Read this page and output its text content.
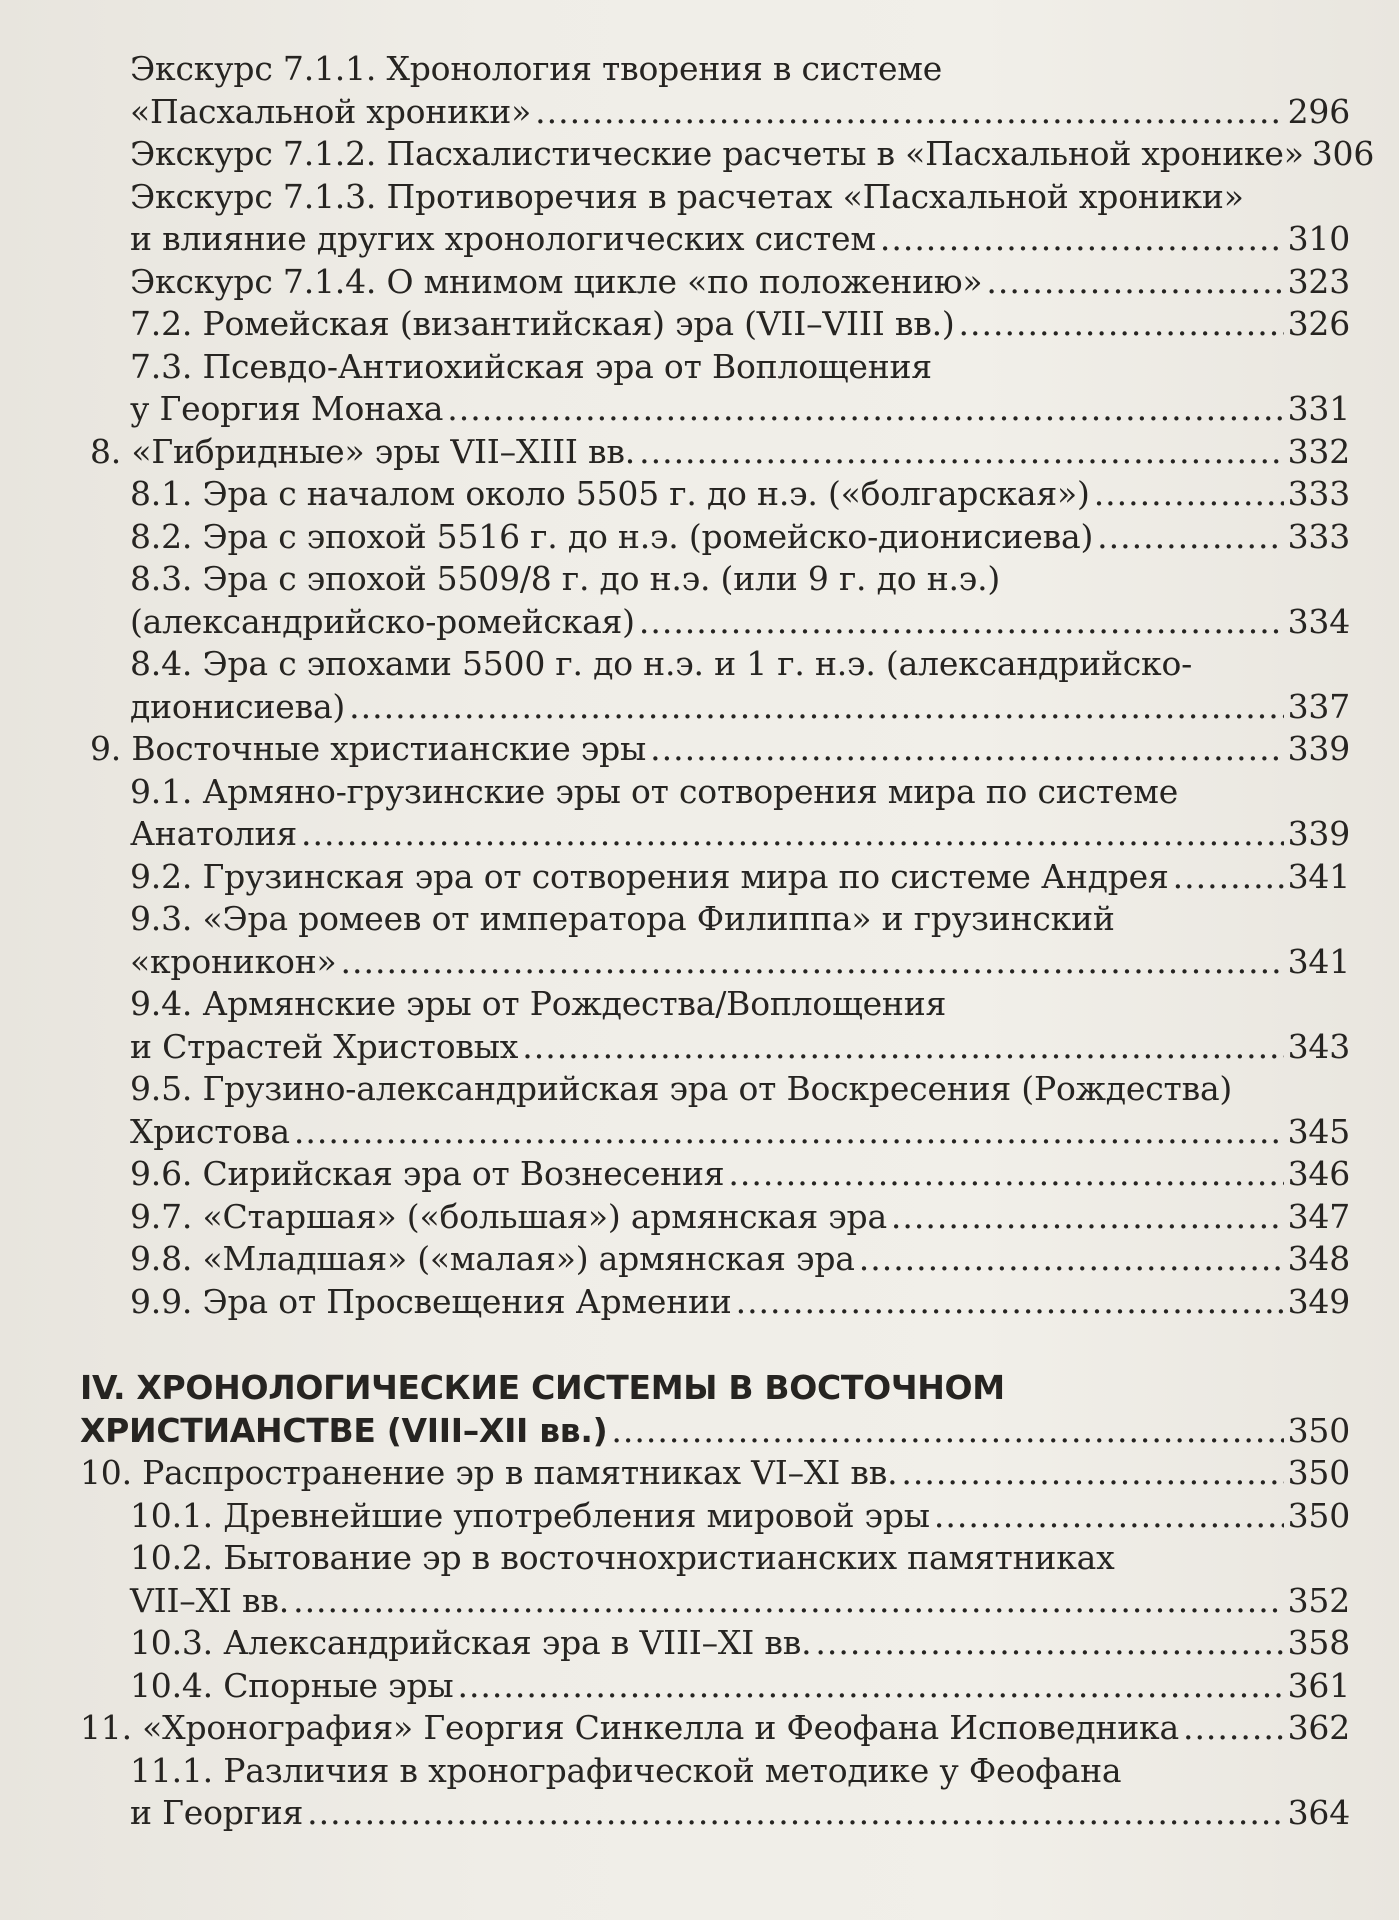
Экскурс 7.1.1. Хронология творения в системе
«Пасхальной хроники» .....	296
Экскурс 7.1.2. Пасхалистические расчеты в «Пасхальной хронике» 306
Экскурс 7.1.3. Противоречия в расчетах «Пасхальной хроники»
и влияние других хронологических систем .....	310
Экскурс 7.1.4. О мнимом цикле «по положению» .....	323
7.2. Ромейская (византийская) эра (VII–VIII вв.) .....	326
7.3. Псевдо-Антиохийская эра от Воплощения
у Георгия Монаха .....	331
8. «Гибридные» эры VII–XIII вв. .....	332
8.1. Эра с началом около 5505 г. до н.э. («болгарская») .....	333
8.2. Эра с эпохой 5516 г. до н.э. (ромейско-дионисиева) .....	333
8.3. Эра с эпохой 5509/8 г. до н.э. (или 9 г. до н.э.)
(александрийско-ромейская) .....	334
8.4. Эра с эпохами 5500 г. до н.э. и 1 г. н.э. (александрийско-
дионисиева) .....	337
9. Восточные христианские эры .....	339
9.1. Армяно-грузинские эры от сотворения мира по системе
Анатолия .....	339
9.2. Грузинская эра от сотворения мира по системе Андрея .....	341
9.3. «Эра ромеев от императора Филиппа» и грузинский
«кроникон» .....	341
9.4. Армянские эры от Рождества/Воплощения
и Страстей Христовых .....	343
9.5. Грузино-александрийская эра от Воскресения (Рождества)
Христова .....	345
9.6. Сирийская эра от Вознесения .....	346
9.7. «Старшая» («большая») армянская эра .....	347
9.8. «Младшая» («малая») армянская эра .....	348
9.9. Эра от Просвещения Армении .....	349
IV. ХРОНОЛОГИЧЕСКИЕ СИСТЕМЫ В ВОСТОЧНОМ
ХРИСТИАНСТВЕ (VIII–XII вв.) .....	350
10. Распространение эр в памятниках VI–XI вв. .....	350
10.1. Древнейшие употребления мировой эры .....	350
10.2. Бытование эр в восточнохристианских памятниках
VII–XI вв. .....	352
10.3. Александрийская эра в VIII–XI вв. .....	358
10.4. Спорные эры .....	361
11. «Хронография» Георгия Синкелла и Феофана Исповедника .....	362
11.1. Различия в хронографической методике у Феофана
и Георгия .....	364
